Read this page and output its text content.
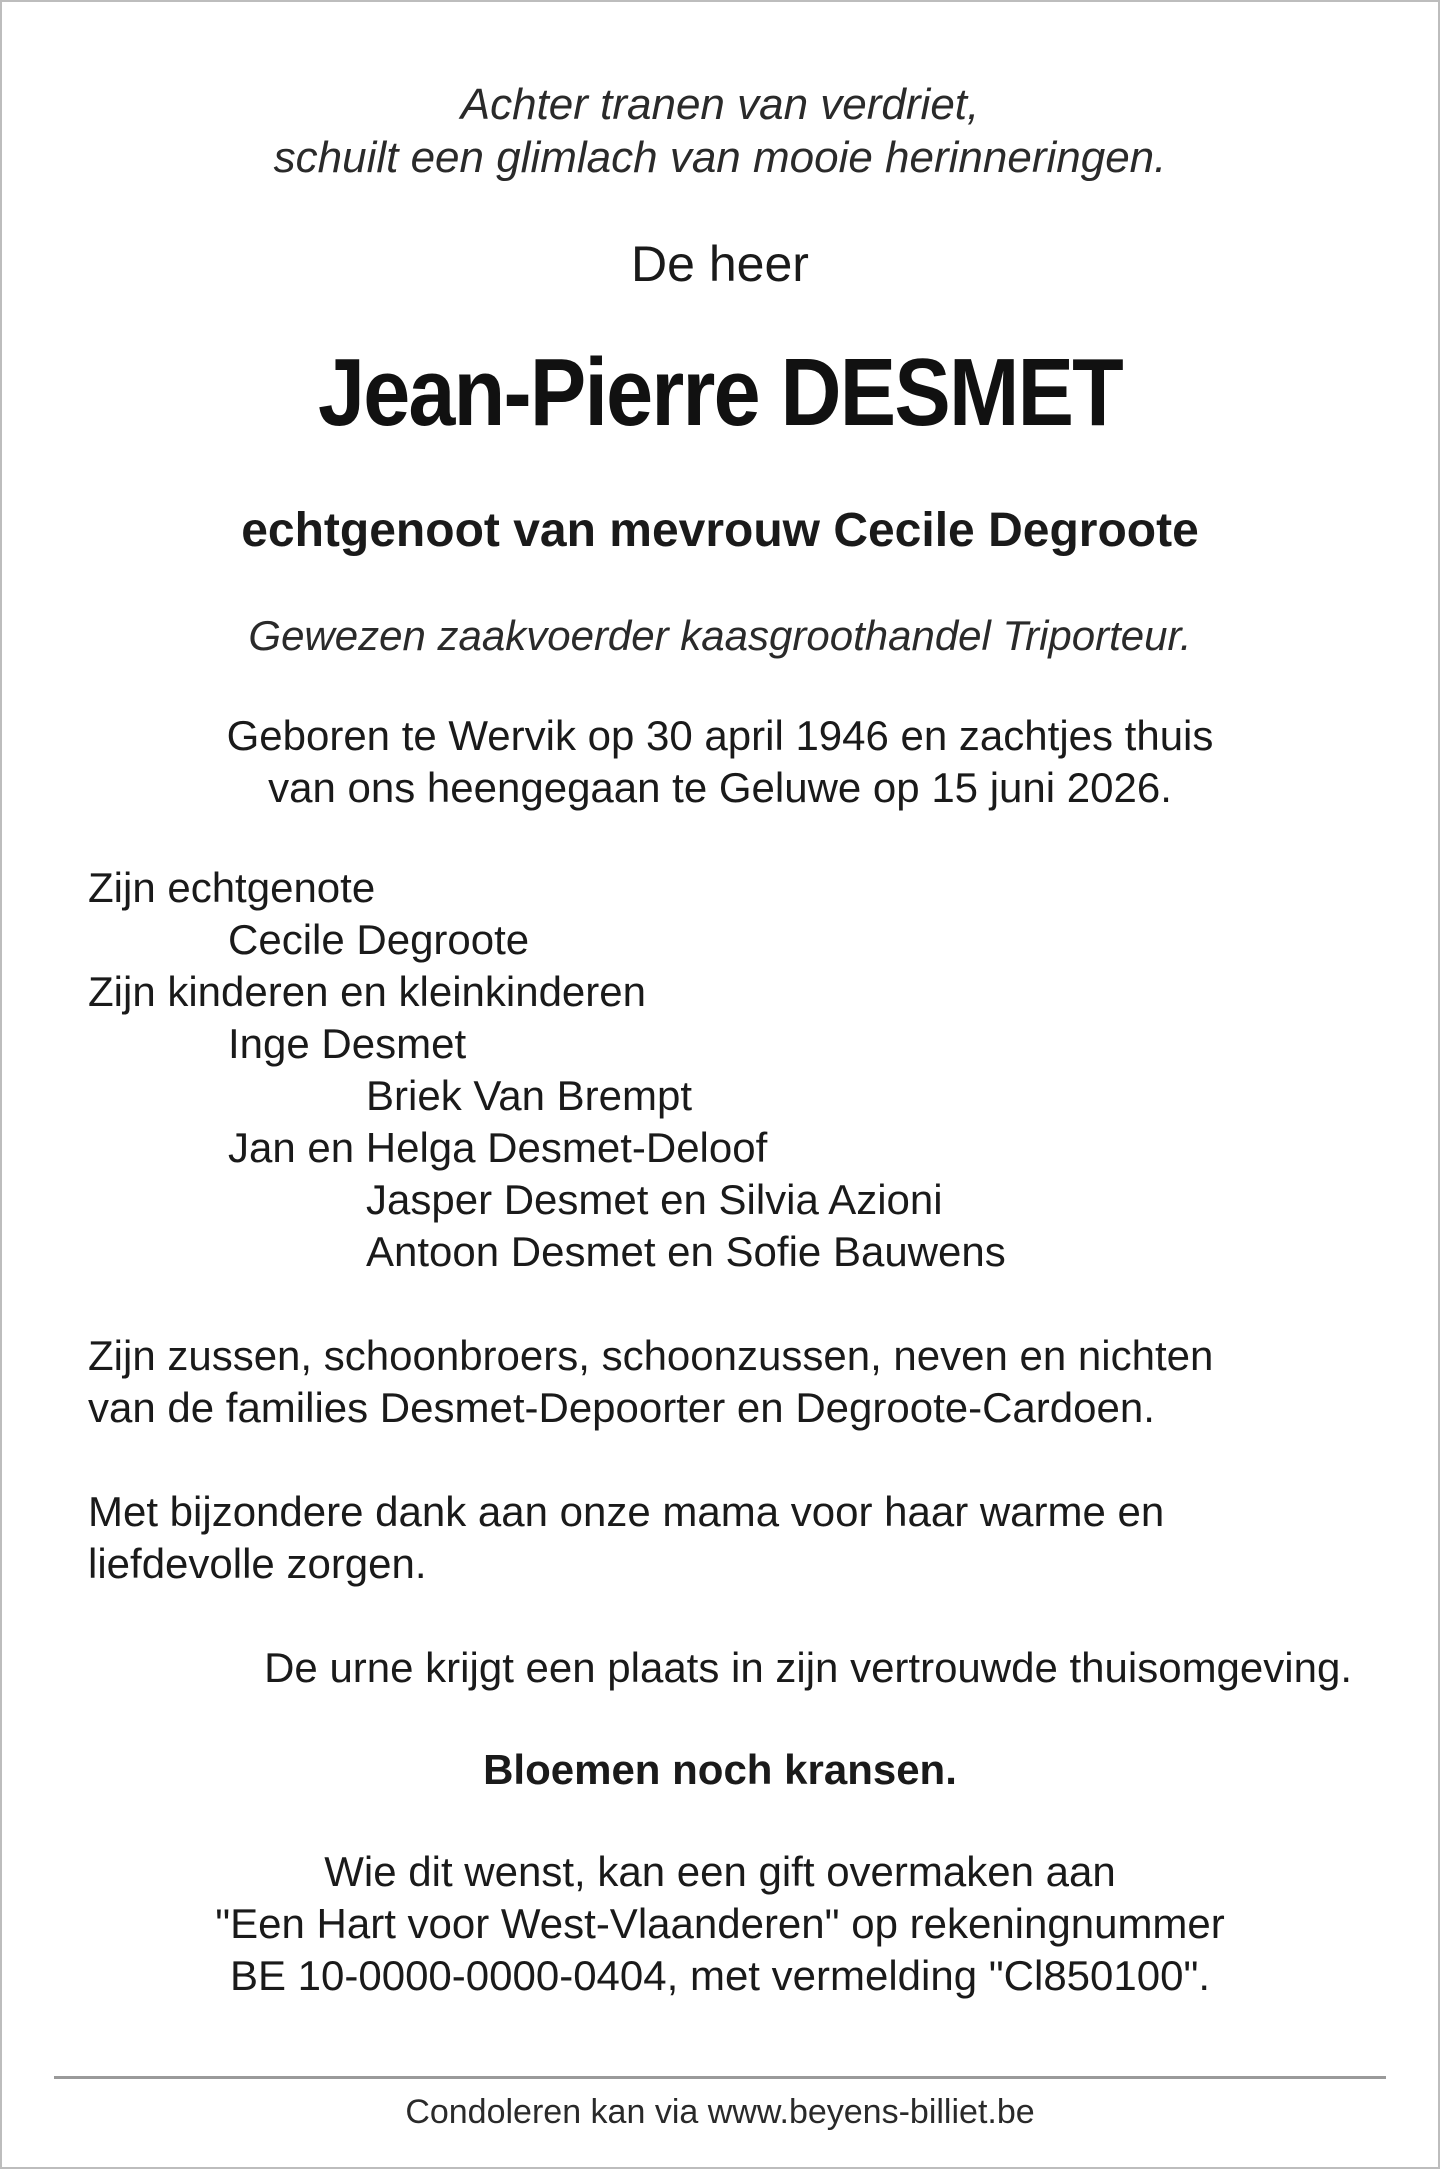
Achter tranen van verdriet,

schuilt een glimlach van mooie herinneringen.

De heer

Jean-Pierre DESMET

echtgenoot van mevrouw Cecile Degroote

Gewezen zaakvoerder kaasgroothandel Triporteur.

Geboren te Wervik op 30 april 1946 en zachtjes thuis
van ons heengegaan te Geluwe op 15 juni 2026.
Zijn echtgenote
Cecile Degroote
Zijn kinderen en kleinkinderen
Inge Desmet
Briek Van Brempt
Jan en Helga Desmet-Deloof
Jasper Desmet en Silvia Azioni
Antoon Desmet en Sofie Bauwens
Zijn zussen, schoonbroers, schoonzussen, neven en nichten
van de families Desmet-Depoorter en Degroote-Cardoen.
Met bijzondere dank aan onze mama voor haar warme en
liefdevolle zorgen.

De urne krijgt een plaats in zijn vertrouwde thuisomgeving.

Bloemen noch kransen.

Wie dit wenst, kan een gift overmaken aan
"Een Hart voor West-Vlaanderen" op rekeningnummer
BE 10-0000-0000-0404, met vermelding "Cl850100".
Condoleren kan via www.beyens-billiet.be
